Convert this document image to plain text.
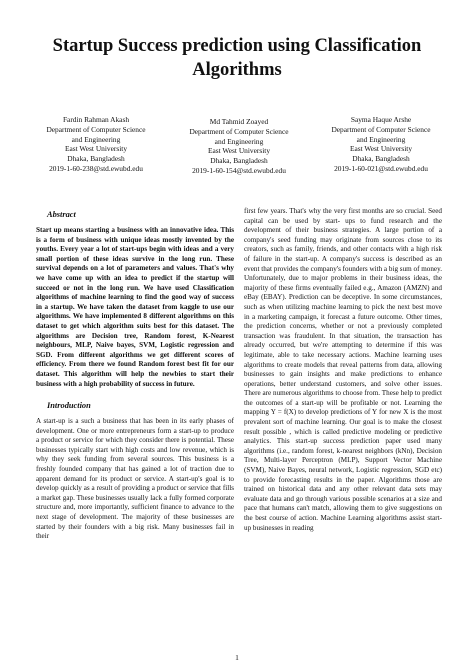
Startup Success prediction using Classification Algorithms
Fardin Rahman Akash
Department of Computer Science
and Engineering
East West University
Dhaka, Bangladesh
2019-1-60-238@std.ewubd.edu
Md Tahmid Zoayed
Department of Computer Science
and Engineering
East West University
Dhaka, Bangladesh
2019-1-60-154@std.ewubd.edu
Sayma Haque Arshe
Department of Computer Science
and Engineering
East West University
Dhaka, Bangladesh
2019-1-60-021@std.ewubd.edu
Abstract

Start up means starting a business with an innovative idea. This is a form of business with unique ideas mostly invented by the youths. Every year a lot of start-ups begin with ideas and a very small portion of these ideas survive in the long run. These survival depends on a lot of parameters and values. That's why we have come up with an idea to predict if the startup will succeed or not in the long run. We have used Classification algorithms of machine learning to find the good way of success in a startup. We have taken the dataset from kaggle to use our algorithms. We have implemented 8 different algorithms on this dataset to get which algorithm suits best for this dataset. The algorithms are Decision tree, Random forest, K-Nearest neighbours, MLP, Naive bayes, SVM, Logistic regression and SGD. From different algorithms we get different scores of efficiency. From there we found Random forest best fit for our dataset. This algorithm will help the newbies to start their business with a high probability of success in future.

Introduction

A start-up is a such a business that has been in its early phases of development. One or more entrepreneurs form a start-up to produce a product or service for which they consider there is potential. These businesses typically start with high costs and low revenue, which is why they seek funding from several sources. This business is a freshly founded company that has gained a lot of traction due to apparent demand for its product or service. A start-up's goal is to develop quickly as a result of providing a product or service that fills a market gap. These businesses usually lack a fully formed corporate structure and, more importantly, sufficient finance to advance to the next stage of development. The majority of these businesses are started by their founders with a big risk. Many businesses fail in their

first few years. That's why the very first months are so crucial. Seed capital can be used by start- ups to fund research and the development of their business strategies. A large portion of a company's seed funding may originate from sources close to its creators, such as family, friends, and other contacts with a high risk of failure in the start-up. A company's success is described as an event that provides the company's founders with a big sum of money. Unfortunately, due to major problems in their business ideas, the majority of these firms eventually failed e.g., Amazon (AMZN) and eBay (EBAY). Prediction can be deceptive. In some circumstances, such as when utilizing machine learning to pick the next best move in a marketing campaign, it forecast a future outcome. Other times, the prediction concerns, whether or not a previously completed transaction was fraudulent. In that situation, the transaction has already occurred, but we're attempting to determine if this was legitimate, able to take necessary actions. Machine learning uses algorithms to create models that reveal patterns from data, allowing businesses to gain insights and make predictions to enhance operations, better understand customers, and solve other issues. There are numerous algorithms to choose from. These help to predict the outcomes of a start-up will be profitable or not. Learning the mapping Y = f(X) to develop predictions of Y for new X is the most prevalent sort of machine learning. Our goal is to make the closest result possible , which is called predictive modeling or predictive analytics. This start-up success prediction paper used many algorithms (i.e., random forest, k-nearest neighbors (kNn), Decision Tree, Multi-layer Perceptron (MLP), Support Vector Machine (SVM), Naive Bayes, neural network, Logistic regression, SGD etc) to provide forecasting results in the paper. Algorithms those are trained on historical data and any other relevant data sets may evaluate data and go through various possible scenarios at a size and pace that humans can't match, allowing them to give suggestions on the best course of action. Machine Learning algorithms assist start- up businesses in reading

1
